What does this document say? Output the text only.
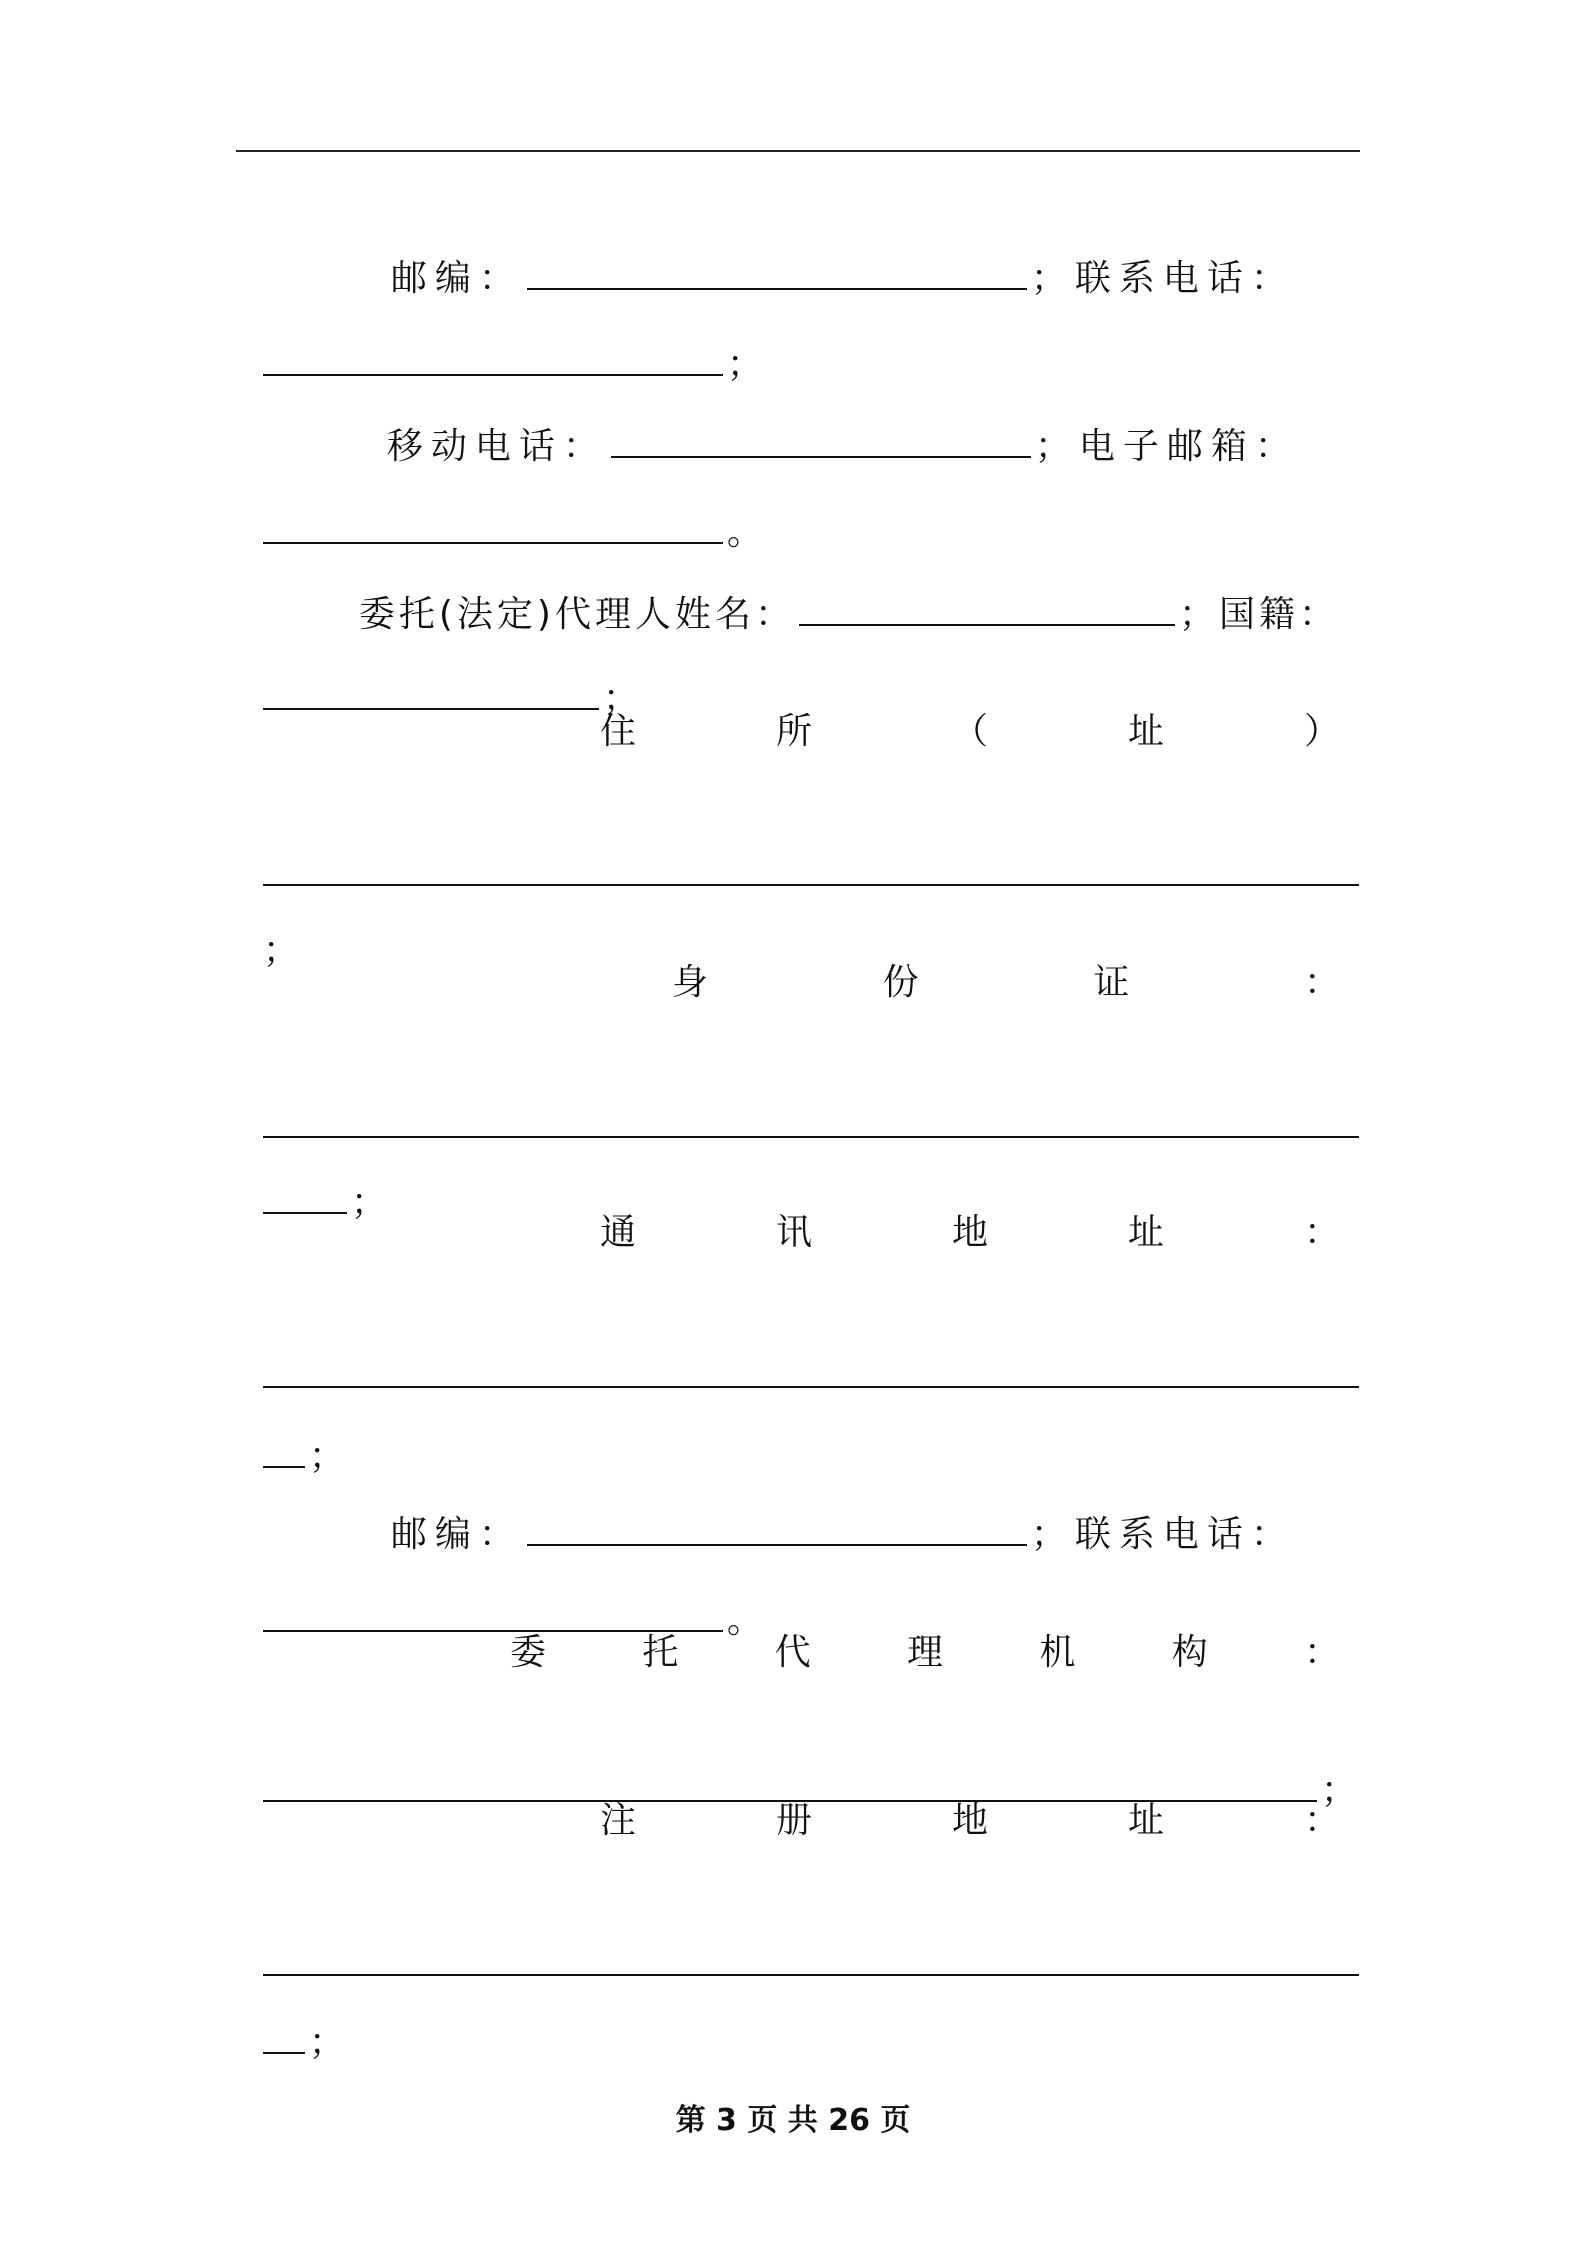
邮编：	；联系电话：

；

移动电话：	；电子邮箱：

。

委托(法定)代理人姓名：	；国籍：

；

住	所	（	址	）

；

身	份	证	：

；

通	讯	地	址	：

；

邮编：	；联系电话：

。

委	托	代	理	机	构	：

；

注	册	地	址	：

；

第 3 页 共 26 页
